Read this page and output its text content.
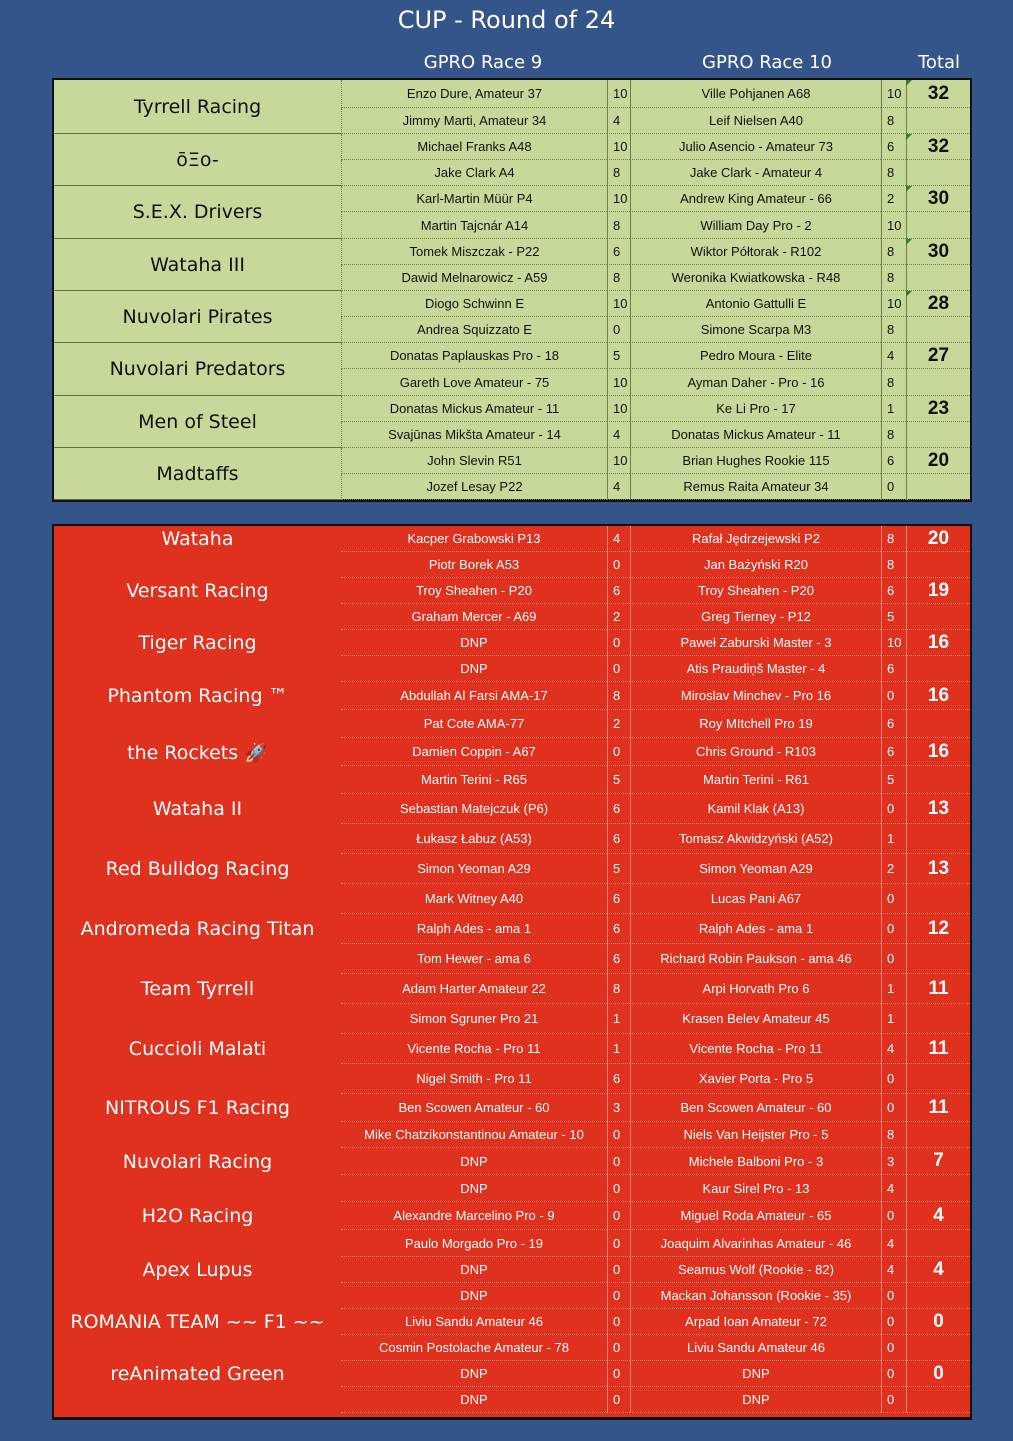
CUP - Round of 24
GPRO Race 9	GPRO Race 10	Total
Tyrrell Racing
Enzo Dure, Amateur 37	10	Ville Pohjanen A68	10	32
Jimmy Marti, Amateur 34	4	Leif Nielsen A40	8
ōΞo-
Michael Franks A48	10	Julio Asencio - Amateur 73	6	32
Jake Clark A4	8	Jake Clark - Amateur 4	8
S.E.X. Drivers
Karl-Martin Müür P4	10	Andrew King Amateur - 66	2	30
Martin Tajcnár A14	8	William Day Pro - 2	10
Wataha III
Tomek Miszczak - P22	6	Wiktor Półtorak - R102	8	30
Dawid Melnarowicz - A59	8	Weronika Kwiatkowska - R48	8
Nuvolari Pirates
Diogo Schwinn E	10	Antonio Gattulli E	10	28
Andrea Squizzato E	0	Simone Scarpa M3	8
Nuvolari Predators
Donatas Paplauskas Pro - 18	5	Pedro Moura - Elite	4	27
Gareth Love Amateur - 75	10	Ayman Daher - Pro - 16	8
Men of Steel
Donatas Mickus Amateur - 11	10	Ke Li Pro - 17	1	23
Svajūnas Mikšta Amateur - 14	4	Donatas Mickus Amateur - 11	8
Madtaffs
John Slevin R51	10	Brian Hughes Rookie 115	6	20
Jozef Lesay P22	4	Remus Raita Amateur 34	0
Wataha	Kacper Grabowski P13	4	Rafał Jędrzejewski P2	8	20
Piotr Borek A53	0	Jan Bażyński R20	8
Versant Racing	Troy Sheahen - P20	6	Troy Sheahen - P20	6	19
Graham Mercer - A69	2	Greg Tierney - P12	5
Tiger Racing	DNP	0	Paweł Zaburski Master - 3	10	16
DNP	0	Atis Praudiņš Master - 4	6
Phantom Racing ™	Abdullah Al Farsi AMA-17	8	Miroslav Minchev - Pro 16	0	16
Pat Cote AMA-77	2	Roy MItchell Pro 19	6
the Rockets 🚀	Damien Coppin - A67	0	Chris Ground - R103	6	16
Martin Terini - R65	5	Martin Terini - R61	5
Wataha II	Sebastian Matejczuk (P6)	6	Kamil Klak (A13)	0	13
Łukasz Łabuz (A53)	6	Tomasz Akwidzyński (A52)	1
Red Bulldog Racing	Simon Yeoman A29	5	Simon Yeoman A29	2	13
Mark Witney A40	6	Lucas Pani A67	0
Andromeda Racing Titan	Ralph Ades - ama 1	6	Ralph Ades - ama 1	0	12
Tom Hewer - ama 6	6	Richard Robin Paukson - ama 46	0
Team Tyrrell	Adam Harter Amateur 22	8	Arpi Horvath Pro 6	1	11
Simon Sgruner Pro 21	1	Krasen Belev Amateur 45	1
Cuccioli Malati	Vicente Rocha - Pro 11	1	Vicente Rocha - Pro 11	4	11
Nigel Smith - Pro 11	6	Xavier Porta - Pro 5	0
NITROUS F1 Racing	Ben Scowen Amateur - 60	3	Ben Scowen Amateur - 60	0	11
Mike Chatzikonstantinou Amateur - 10	0	Niels Van Heijster Pro - 5	8
Nuvolari Racing	DNP	0	Michele Balboni Pro - 3	3	7
DNP	0	Kaur Sirel Pro - 13	4
H2O Racing	Alexandre Marcelino Pro - 9	0	Miguel Roda Amateur - 65	0	4
Paulo Morgado Pro - 19	0	Joaquim Alvarinhas Amateur - 46	4
Apex Lupus	DNP	0	Seamus Wolf (Rookie - 82)	4	4
DNP	0	Mackan Johansson (Rookie - 35)	0
ROMANIA TEAM ~~ F1 ~~	Liviu Sandu Amateur 46	0	Arpad Ioan Amateur - 72	0	0
Cosmin Postolache Amateur - 78	0	Liviu Sandu Amateur 46	0
reAnimated Green	DNP	0	DNP	0	0
DNP	0	DNP	0
